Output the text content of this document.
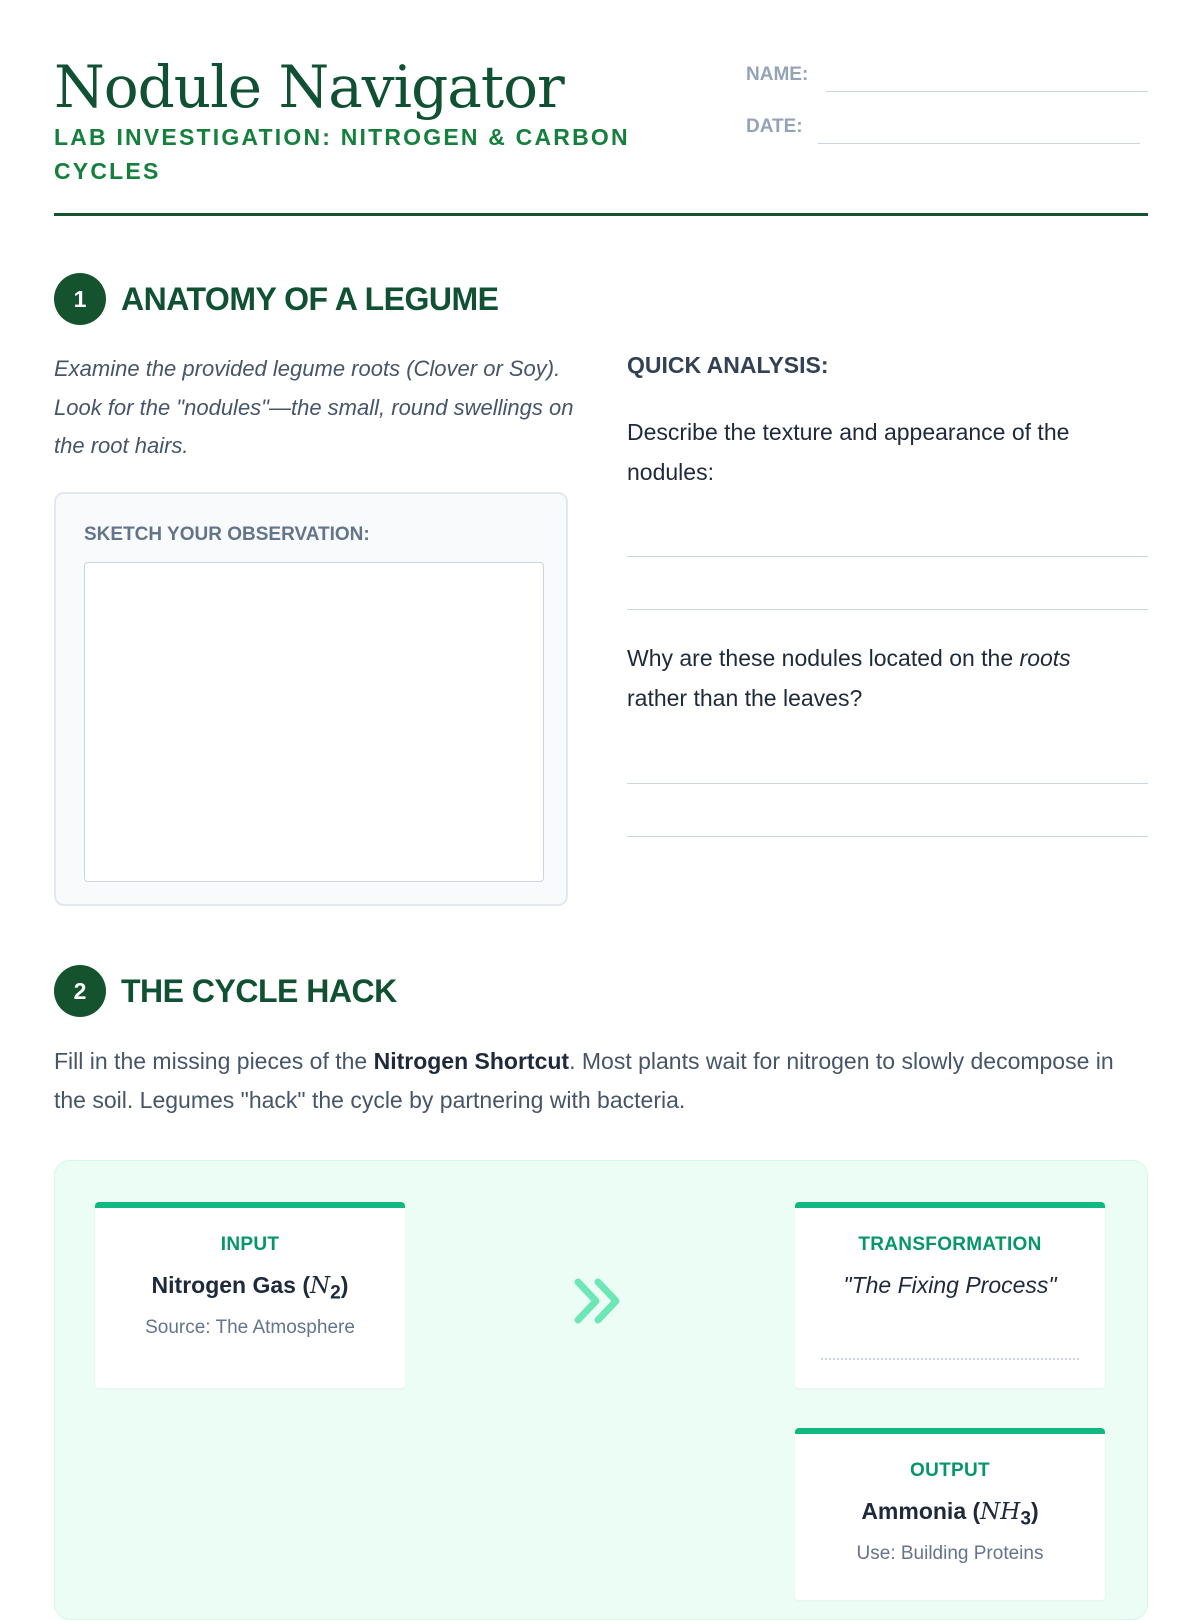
Nodule Navigator
LAB INVESTIGATION: NITROGEN & CARBON CYCLES
NAME:
DATE:
1	ANATOMY OF A LEGUME
Examine the provided legume roots (Clover or Soy). Look for the "nodules"—the small, round swellings on the root hairs.
SKETCH YOUR OBSERVATION:
QUICK ANALYSIS:
Describe the texture and appearance of the nodules:
Why are these nodules located on the roots rather than the leaves?
2	THE CYCLE HACK
Fill in the missing pieces of the Nitrogen Shortcut. Most plants wait for nitrogen to slowly decompose in the soil. Legumes "hack" the cycle by partnering with bacteria.
INPUT
Nitrogen Gas $(N_2)$
Source: The Atmosphere
TRANSFORMATION
"The Fixing Process"
OUTPUT
Ammonia $(NH_3)$
Use: Building Proteins
